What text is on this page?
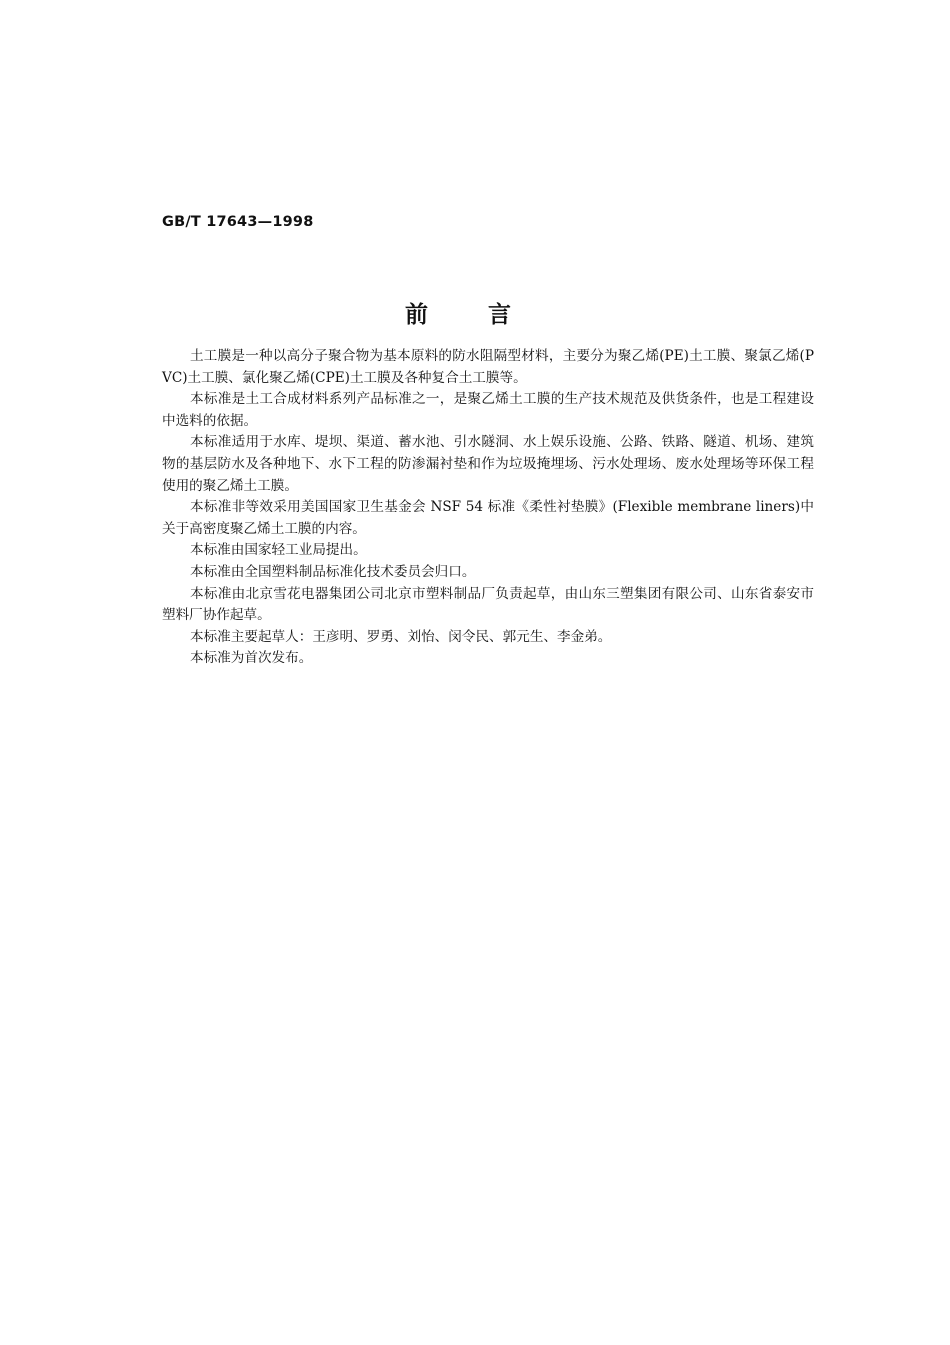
GB/T 17643—1998
前言

土工膜是一种以高分子聚合物为基本原料的防水阻隔型材料，主要分为聚乙烯(PE)土工膜、聚氯乙烯(PVC)土工膜、氯化聚乙烯(CPE)土工膜及各种复合土工膜等。

本标准是土工合成材料系列产品标准之一，是聚乙烯土工膜的生产技术规范及供货条件，也是工程建设中选料的依据。

本标准适用于水库、堤坝、渠道、蓄水池、引水隧洞、水上娱乐设施、公路、铁路、隧道、机场、建筑物的基层防水及各种地下、水下工程的防渗漏衬垫和作为垃圾掩埋场、污水处理场、废水处理场等环保工程使用的聚乙烯土工膜。

本标准非等效采用美国国家卫生基金会 NSF 54 标准《柔性衬垫膜》(Flexible membrane liners)中关于高密度聚乙烯土工膜的内容。

本标准由国家轻工业局提出。

本标准由全国塑料制品标准化技术委员会归口。

本标准由北京雪花电器集团公司北京市塑料制品厂负责起草，由山东三塑集团有限公司、山东省泰安市塑料厂协作起草。

本标准主要起草人：王彦明、罗勇、刘怡、闵令民、郭元生、李金弟。

本标准为首次发布。
